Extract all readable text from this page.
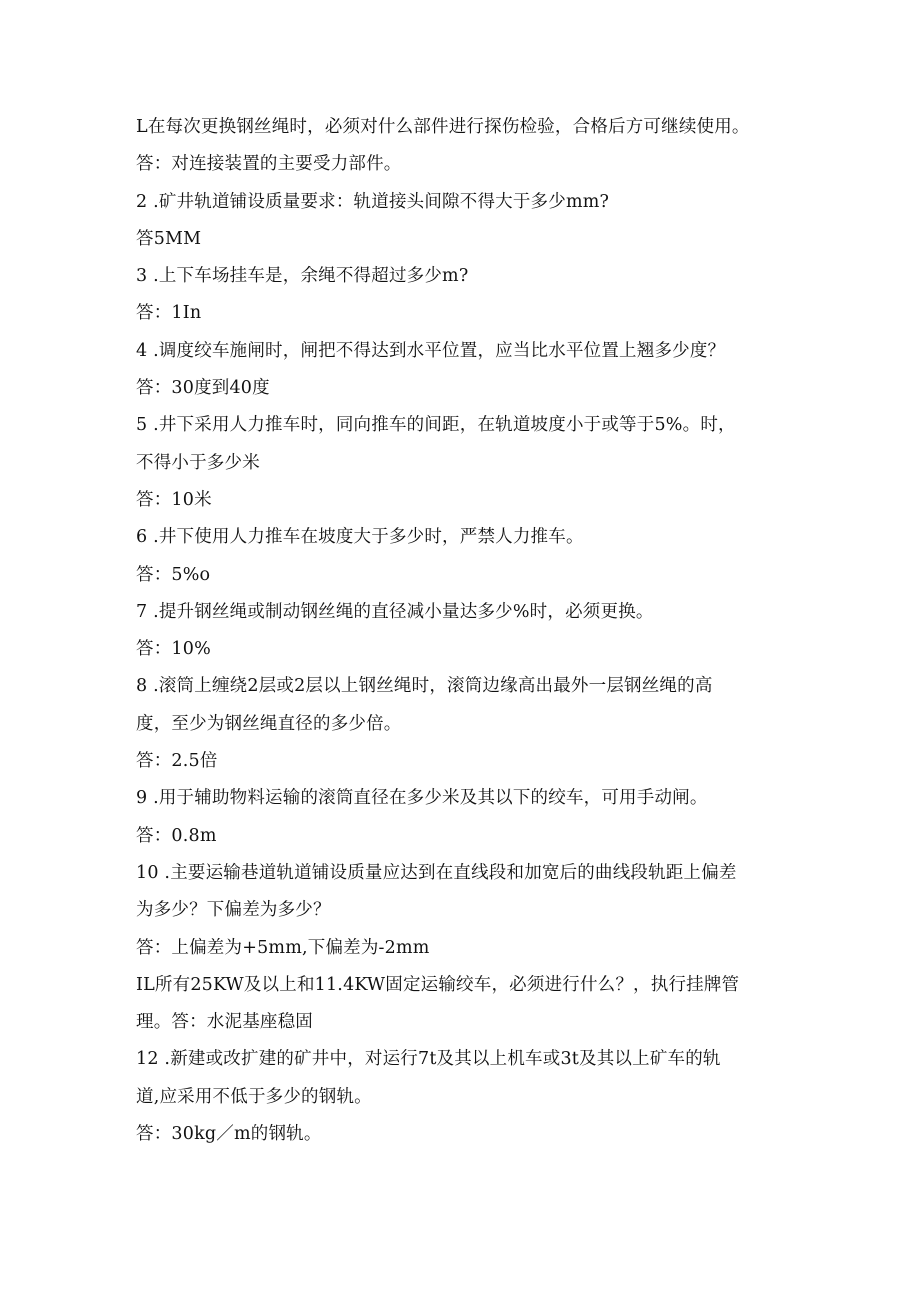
L在每次更换钢丝绳时，必须对什么部件进行探伤检验，合格后方可继续使用。
答：对连接装置的主要受力部件。
2 .矿井轨道铺设质量要求：轨道接头间隙不得大于多少mm?
答5MM
3 .上下车场挂车是，余绳不得超过多少m?
答：1In
4 .调度绞车施闸时，闸把不得达到水平位置，应当比水平位置上翘多少度？
答：30度到40度
5 .井下采用人力推车时，同向推车的间距，在轨道坡度小于或等于5%。时，
不得小于多少米
答：10米
6 .井下使用人力推车在坡度大于多少时，严禁人力推车。
答：5%o
7 .提升钢丝绳或制动钢丝绳的直径减小量达多少%时，必须更换。
答：10%
8 .滚筒上缠绕2层或2层以上钢丝绳时，滚筒边缘高出最外一层钢丝绳的高
度，至少为钢丝绳直径的多少倍。
答：2.5倍
9 .用于辅助物料运输的滚筒直径在多少米及其以下的绞车，可用手动闸。
答：0.8m
10 .主要运输巷道轨道铺设质量应达到在直线段和加宽后的曲线段轨距上偏差
为多少？下偏差为多少？
答：上偏差为+5mm,下偏差为-2mm
IL所有25KW及以上和11.4KW固定运输绞车，必须进行什么？，执行挂牌管
理。答：水泥基座稳固
12 .新建或改扩建的矿井中，对运行7t及其以上机车或3t及其以上矿车的轨
道,应采用不低于多少的钢轨。
答：30kg／m的钢轨。
